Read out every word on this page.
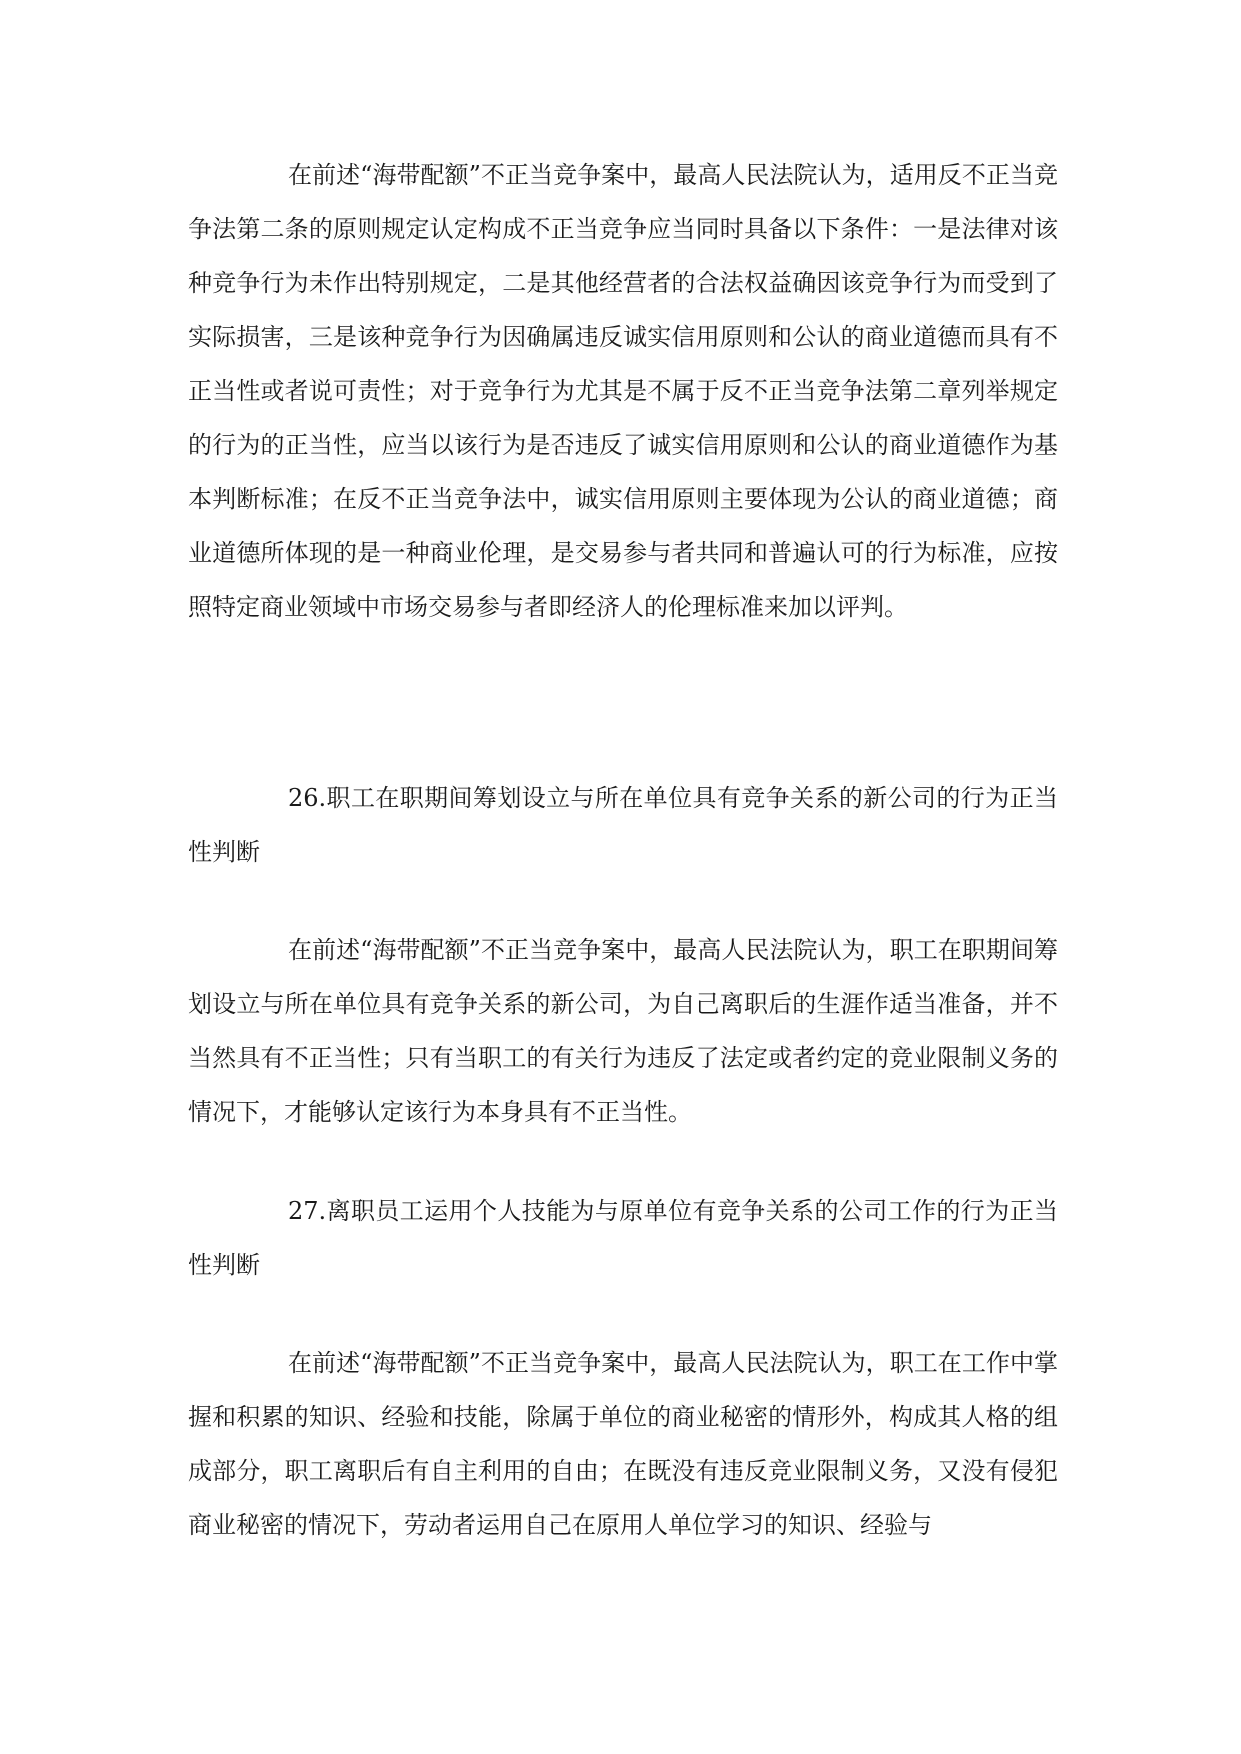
在前述“海带配额”不正当竞争案中，最高人民法院认为，适用反不正当竞争法第二条的原则规定认定构成不正当竞争应当同时具备以下条件：一是法律对该种竞争行为未作出特别规定，二是其他经营者的合法权益确因该竞争行为而受到了实际损害，三是该种竞争行为因确属违反诚实信用原则和公认的商业道德而具有不正当性或者说可责性；对于竞争行为尤其是不属于反不正当竞争法第二章列举规定的行为的正当性，应当以该行为是否违反了诚实信用原则和公认的商业道德作为基本判断标准；在反不正当竞争法中，诚实信用原则主要体现为公认的商业道德；商业道德所体现的是一种商业伦理，是交易参与者共同和普遍认可的行为标准，应按照特定商业领域中市场交易参与者即经济人的伦理标准来加以评判。

26.职工在职期间筹划设立与所在单位具有竞争关系的新公司的行为正当性判断

在前述“海带配额”不正当竞争案中，最高人民法院认为，职工在职期间筹划设立与所在单位具有竞争关系的新公司，为自己离职后的生涯作适当准备，并不当然具有不正当性；只有当职工的有关行为违反了法定或者约定的竞业限制义务的情况下，才能够认定该行为本身具有不正当性。

27.离职员工运用个人技能为与原单位有竞争关系的公司工作的行为正当性判断

在前述“海带配额”不正当竞争案中，最高人民法院认为，职工在工作中掌握和积累的知识、经验和技能，除属于单位的商业秘密的情形外，构成其人格的组成部分，职工离职后有自主利用的自由；在既没有违反竞业限制义务，又没有侵犯商业秘密的情况下，劳动者运用自己在原用人单位学习的知识、经验与
